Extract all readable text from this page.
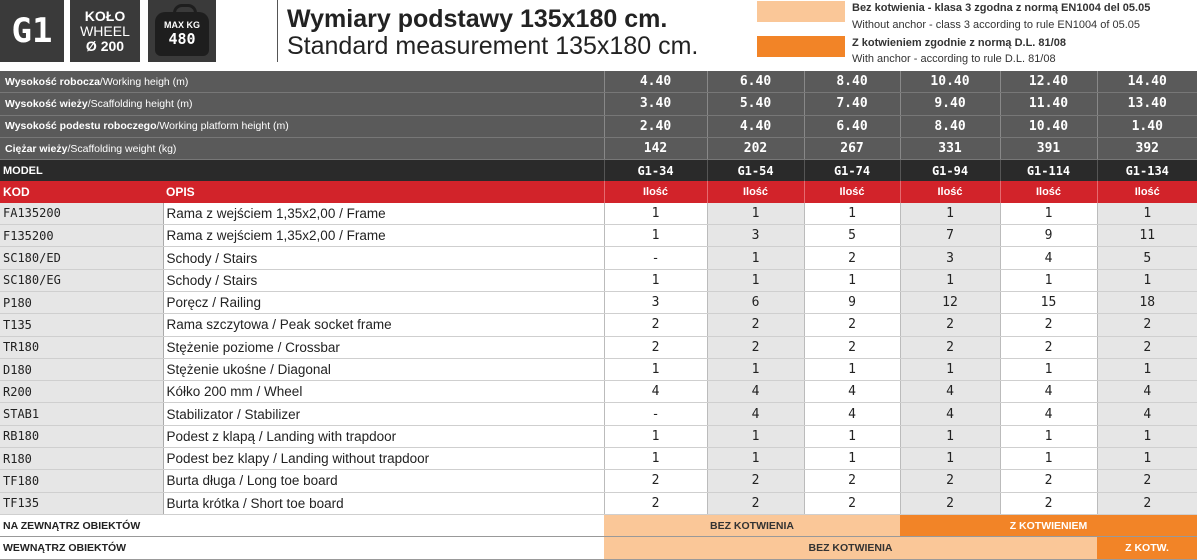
G1 KOŁO
WHEEL
Ø 200
MAX KG
480
Wymiary podstawy 135x180 cm.
Standard measurement 135x180 cm.
Bez kotwienia - klasa 3 zgodna z normą EN1004 del 05.05
Without anchor - class 3 according to rule EN1004 of 05.05
Z kotwieniem zgodnie z normą D.L. 81/08
With anchor - according to rule D.L. 81/08
Wysokość robocza/Working heigh (m)		4.40	6.40	8.40	10.40	12.40	14.40
Wysokość wieży/Scaffolding height (m)		3.40	5.40	7.40	9.40	11.40	13.40
Wysokość podestu roboczego/Working platform height (m)		2.40	4.40	6.40	8.40	10.40	1.40
Ciężar wieży/Scaffolding weight (kg)		142	202	267	331	391	392
MODEL		G1-34	G1-54	G1-74	G1-94	G1-114	G1-134
KOD	OPIS	Ilość	Ilość	Ilość	Ilość	Ilość	Ilość
FA135200	Rama z wejściem 1,35x2,00 / Frame	1	1	1	1	1	1
F135200	Rama z wejściem 1,35x2,00 / Frame	1	3	5	7	9	11
SC180/ED	Schody / Stairs	-	1	2	3	4	5
SC180/EG	Schody / Stairs	1	1	1	1	1	1
P180	Poręcz / Railing	3	6	9	12	15	18
T135	Rama szczytowa / Peak socket frame	2	2	2	2	2	2
TR180	Stężenie poziome / Crossbar	2	2	2	2	2	2
D180	Stężenie ukośne / Diagonal	1	1	1	1	1	1
R200	Kółko 200 mm / Wheel	4	4	4	4	4	4
STAB1	Stabilizator / Stabilizer	-	4	4	4	4	4
RB180	Podest z klapą / Landing with trapdoor	1	1	1	1	1	1
R180	Podest bez klapy / Landing without trapdoor	1	1	1	1	1	1
TF180	Burta długa / Long toe board	2	2	2	2	2	2
TF135	Burta krótka / Short toe board	2	2	2	2	2	2
NA ZEWNĄTRZ OBIEKTÓW		BEZ KOTWIENIA			Z KOTWIENIEM		
WEWNĄTRZ OBIEKTÓW		BEZ KOTWIENIA					Z KOTW.
